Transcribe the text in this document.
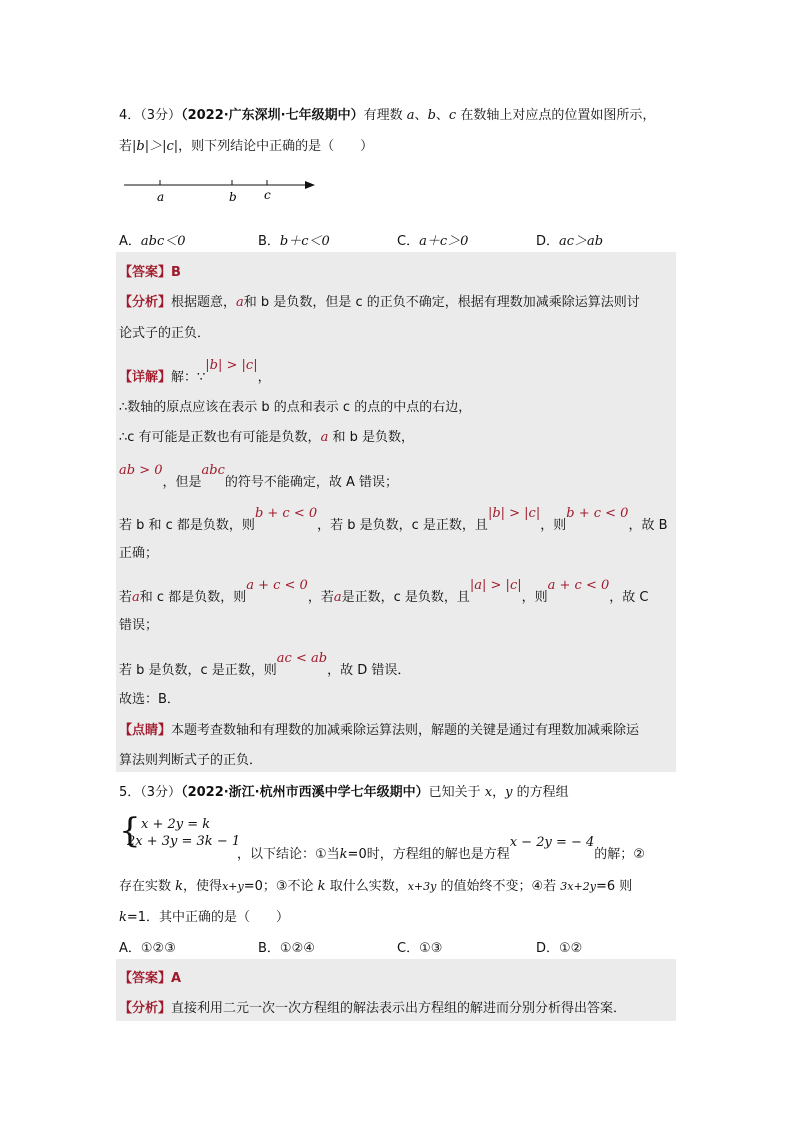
4．（3分）（2022·广东深圳·七年级期中）有理数 a、b、c 在数轴上对应点的位置如图所示，
若|b|＞|c|，则下列结论中正确的是（　　）
a	b c
A．abc＜0	B．b＋c＜0	C．a＋c＞0	D．ac＞ab
【答案】B
【分析】根据题意，a和 b 是负数，但是 c 的正负不确定，根据有理数加减乘除运算法则讨
论式子的正负．
【详解】解：∵|b| > |c|，
∴数轴的原点应该在表示 b 的点和表示 c 的点的中点的右边，
∴c 有可能是正数也有可能是负数，a 和 b 是负数，
ab > 0，但是abc的符号不能确定，故 A 错误；
若 b 和 c 都是负数，则b + c < 0，若 b 是负数，c 是正数，且|b| > |c|，则b + c < 0，故 B
正确；
若a和 c 都是负数，则a + c < 0，若a是正数，c 是负数，且|a| > |c|，则a + c < 0，故 C
错误；
若 b 是负数，c 是正数，则ac < ab，故 D 错误．
故选：B．
【点睛】本题考查数轴和有理数的加减乘除运算法则，解题的关键是通过有理数加减乘除运
算法则判断式子的正负．
5．（3分）（2022·浙江·杭州市西溪中学七年级期中）已知关于 x，y 的方程组
{ x + 2y = k
2x + 3y = 3k − 1
，以下结论：①当k=0时，方程组的解也是方程x − 2y = − 4的解；②
存在实数 k，使得x+y=0；③不论 k 取什么实数，x+3y 的值始终不变；④若 3x+2y=6 则
k=1．其中正确的是（　　）
A．①②③	B．①②④	C．①③	D．①②
【答案】A
【分析】直接利用二元一次一次方程组的解法表示出方程组的解进而分别分析得出答案．
